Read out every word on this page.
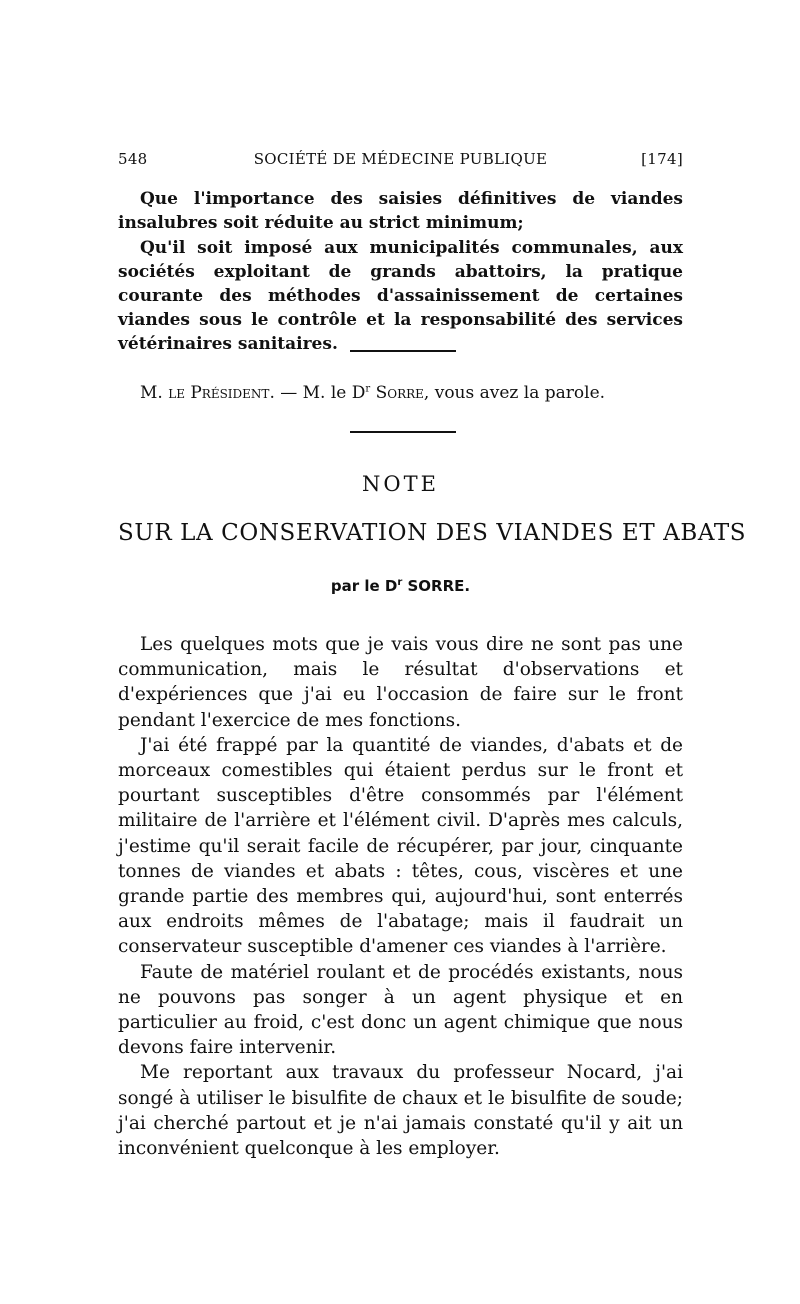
548	SOCIÉTÉ DE MÉDECINE PUBLIQUE	[174]
Que l'importance des saisies définitives de viandes insalubres soit réduite au strict minimum;
Qu'il soit imposé aux municipalités communales, aux sociétés exploitant de grands abattoirs, la pratique courante des méthodes d'assainissement de certaines viandes sous le contrôle et la responsabilité des services vétérinaires sanitaires.
M. le Président. — M. le $D^r$ Sorre, vous avez la parole.
NOTE
SUR LA CONSERVATION DES VIANDES ET ABATS
par le $D^r$ SORRE.

Les quelques mots que je vais vous dire ne sont pas une communication, mais le résultat d'observations et d'expériences que j'ai eu l'occasion de faire sur le front pendant l'exercice de mes fonctions.

J'ai été frappé par la quantité de viandes, d'abats et de morceaux comestibles qui étaient perdus sur le front et pourtant susceptibles d'être consommés par l'élément militaire de l'arrière et l'élément civil. D'après mes calculs, j'estime qu'il serait facile de récupérer, par jour, cinquante tonnes de viandes et abats : têtes, cous, viscères et une grande partie des membres qui, aujourd'hui, sont enterrés aux endroits mêmes de l'abatage; mais il faudrait un conservateur susceptible d'amener ces viandes à l'arrière.

Faute de matériel roulant et de procédés existants, nous ne pouvons pas songer à un agent physique et en particulier au froid, c'est donc un agent chimique que nous devons faire intervenir.

Me reportant aux travaux du professeur Nocard, j'ai songé à utiliser le bisulfite de chaux et le bisulfite de soude; j'ai cherché partout et je n'ai jamais constaté qu'il y ait un inconvénient quelconque à les employer.
